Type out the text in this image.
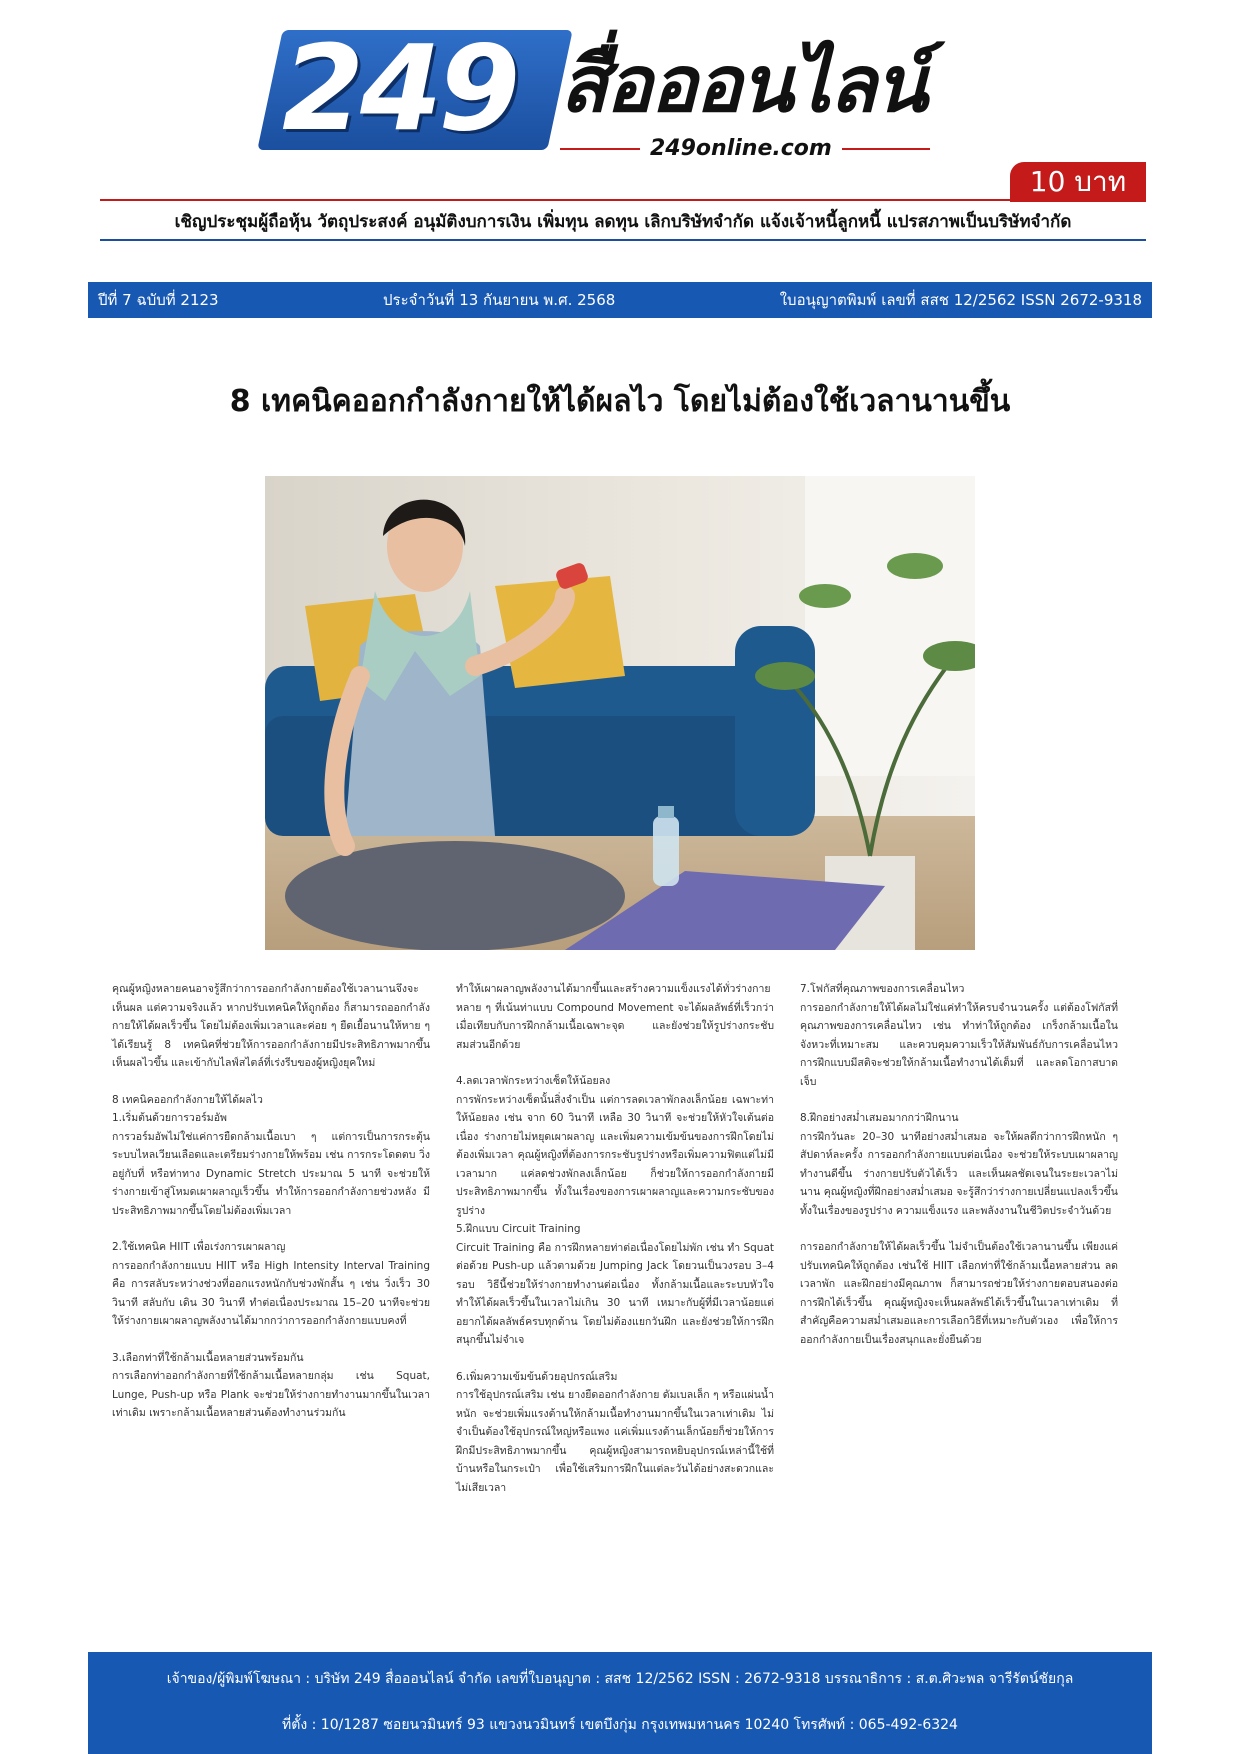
249 สื่อออนไลน์
249online.com
10 บาท
เชิญประชุมผู้ถือหุ้น วัตถุประสงค์ อนุมัติงบการเงิน เพิ่มทุน ลดทุน เลิกบริษัทจำกัด แจ้งเจ้าหนี้ลูกหนี้ แปรสภาพเป็นบริษัทจำกัด
ปีที่ 7 ฉบับที่ 2123	ประจำวันที่ 13 กันยายน พ.ศ. 2568	ใบอนุญาตพิมพ์ เลขที่ สสช 12/2562 ISSN 2672-9318
8 เทคนิคออกกำลังกายให้ได้ผลไว โดยไม่ต้องใช้เวลานานขึ้น

คุณผู้หญิงหลายคนอาจรู้สึกว่าการออกกำลังกายต้องใช้เวลานานจึงจะเห็นผล แต่ความจริงแล้ว หากปรับเทคนิคให้ถูกต้อง ก็สามารถออกกำลังกายให้ได้ผลเร็วขึ้น โดยไม่ต้องเพิ่มเวลาและค่อย ๆ ยืดเยื้อนานให้หาย ๆ ได้เรียนรู้ 8 เทคนิคที่ช่วยให้การออกกำลังกายมีประสิทธิภาพมากขึ้น เห็นผลไวขึ้น และเข้ากับไลฟ์สไตล์ที่เร่งรีบของผู้หญิงยุคใหม่

8 เทคนิคออกกำลังกายให้ได้ผลไว

1.เริ่มต้นด้วยการวอร์มอัพ

การวอร์มอัพไม่ใช่แค่การยืดกล้ามเนื้อเบา ๆ แต่การเป็นการกระตุ้นระบบไหลเวียนเลือดและเตรียมร่างกายให้พร้อม เช่น การกระโดดตบ วิ่งอยู่กับที่ หรือท่าทาง Dynamic Stretch ประมาณ 5 นาที จะช่วยให้ร่างกายเข้าสู่โหมดเผาผลาญเร็วขึ้น ทำให้การออกกำลังกายช่วงหลัง มีประสิทธิภาพมากขึ้นโดยไม่ต้องเพิ่มเวลา

2.ใช้เทคนิค HIIT เพื่อเร่งการเผาผลาญ

การออกกำลังกายแบบ HIIT หรือ High Intensity Interval Training คือ การสลับระหว่างช่วงที่ออกแรงหนักกับช่วงพักสั้น ๆ เช่น วิ่งเร็ว 30 วินาที สลับกับ เดิน 30 วินาที ทำต่อเนื่องประมาณ 15–20 นาทีจะช่วยให้ร่างกายเผาผลาญพลังงานได้มากกว่าการออกกำลังกายแบบคงที่

3.เลือกท่าที่ใช้กล้ามเนื้อหลายส่วนพร้อมกัน

การเลือกท่าออกกำลังกายที่ใช้กล้ามเนื้อหลายกลุ่ม เช่น Squat, Lunge, Push-up หรือ Plank จะช่วยให้ร่างกายทำงานมากขึ้นในเวลาเท่าเดิม เพราะกล้ามเนื้อหลายส่วนต้องทำงานร่วมกัน

ทำให้เผาผลาญพลังงานได้มากขึ้นและสร้างความแข็งแรงได้ทั่วร่างกาย หลาย ๆ ที่เน้นท่าแบบ Compound Movement จะได้ผลลัพธ์ที่เร็วกว่า เมื่อเทียบกับการฝึกกล้ามเนื้อเฉพาะจุด และยังช่วยให้รูปร่างกระชับสมส่วนอีกด้วย

4.ลดเวลาพักระหว่างเซ็ตให้น้อยลง

การพักระหว่างเซ็ตนั้นสิ่งจำเป็น แต่การลดเวลาพักลงเล็กน้อย เฉพาะท่าให้น้อยลง เช่น จาก 60 วินาที เหลือ 30 วินาที จะช่วยให้หัวใจเต้นต่อเนื่อง ร่างกายไม่หยุดเผาผลาญ และเพิ่มความเข้มข้นของการฝึกโดยไม่ต้องเพิ่มเวลา คุณผู้หญิงที่ต้องการกระชับรูปร่างหรือเพิ่มความฟิตแต่ไม่มีเวลามาก แค่ลดช่วงพักลงเล็กน้อย ก็ช่วยให้การออกกำลังกายมีประสิทธิภาพมากขึ้น ทั้งในเรื่องของการเผาผลาญและความกระชับของรูปร่าง

5.ฝึกแบบ Circuit Training

Circuit Training คือ การฝึกหลายท่าต่อเนื่องโดยไม่พัก เช่น ทำ Squat ต่อด้วย Push-up แล้วตามด้วย Jumping Jack โดยวนเป็นวงรอบ 3–4 รอบ วิธีนี้ช่วยให้ร่างกายทำงานต่อเนื่อง ทั้งกล้ามเนื้อและระบบหัวใจ ทำให้ได้ผลเร็วขึ้นในเวลาไม่เกิน 30 นาที เหมาะกับผู้ที่มีเวลาน้อยแต่อยากได้ผลลัพธ์ครบทุกด้าน โดยไม่ต้องแยกวันฝึก และยังช่วยให้การฝึกสนุกขึ้นไม่จำเจ

6.เพิ่มความเข้มข้นด้วยอุปกรณ์เสริม

การใช้อุปกรณ์เสริม เช่น ยางยืดออกกำลังกาย ดัมเบลเล็ก ๆ หรือแผ่นน้ำหนัก จะช่วยเพิ่มแรงต้านให้กล้ามเนื้อทำงานมากขึ้นในเวลาเท่าเดิม ไม่จำเป็นต้องใช้อุปกรณ์ใหญ่หรือแพง แค่เพิ่มแรงต้านเล็กน้อยก็ช่วยให้การฝึกมีประสิทธิภาพมากขึ้น คุณผู้หญิงสามารถหยิบอุปกรณ์เหล่านี้ใช้ที่บ้านหรือในกระเป๋า เพื่อใช้เสริมการฝึกในแต่ละวันได้อย่างสะดวกและไม่เสียเวลา

7.โฟกัสที่คุณภาพของการเคลื่อนไหว

การออกกำลังกายให้ได้ผลไม่ใช่แค่ทำให้ครบจำนวนครั้ง แต่ต้องโฟกัสที่คุณภาพของการเคลื่อนไหว เช่น ทำท่าให้ถูกต้อง เกร็งกล้ามเนื้อในจังหวะที่เหมาะสม และควบคุมความเร็วให้สัมพันธ์กับการเคลื่อนไหว การฝึกแบบมีสติจะช่วยให้กล้ามเนื้อทำงานได้เต็มที่ และลดโอกาสบาดเจ็บ

8.ฝึกอย่างสม่ำเสมอมากกว่าฝึกนาน

การฝึกวันละ 20–30 นาทีอย่างสม่ำเสมอ จะให้ผลดีกว่าการฝึกหนัก ๆ สัปดาห์ละครั้ง การออกกำลังกายแบบต่อเนื่อง จะช่วยให้ระบบเผาผลาญทำงานดีขึ้น ร่างกายปรับตัวได้เร็ว และเห็นผลชัดเจนในระยะเวลาไม่นาน คุณผู้หญิงที่ฝึกอย่างสม่ำเสมอ จะรู้สึกว่าร่างกายเปลี่ยนแปลงเร็วขึ้น ทั้งในเรื่องของรูปร่าง ความแข็งแรง และพลังงานในชีวิตประจำวันด้วย

การออกกำลังกายให้ได้ผลเร็วขึ้น ไม่จำเป็นต้องใช้เวลานานขึ้น เพียงแค่ปรับเทคนิคให้ถูกต้อง เช่นใช้ HIIT เลือกท่าที่ใช้กล้ามเนื้อหลายส่วน ลดเวลาพัก และฝึกอย่างมีคุณภาพ ก็สามารถช่วยให้ร่างกายตอบสนองต่อการฝึกได้เร็วขึ้น คุณผู้หญิงจะเห็นผลลัพธ์ได้เร็วขึ้นในเวลาเท่าเดิม ที่สำคัญคือความสม่ำเสมอและการเลือกวิธีที่เหมาะกับตัวเอง เพื่อให้การออกกำลังกายเป็นเรื่องสนุกและยั่งยืนด้วย

เจ้าของ/ผู้พิมพ์โฆษณา : บริษัท 249 สื่อออนไลน์ จำกัด เลขที่ใบอนุญาต : สสช 12/2562 ISSN : 2672-9318 บรรณาธิการ : ส.ต.ศิวะพล จารีรัตน์ชัยกุล
ที่ตั้ง : 10/1287 ซอยนวมินทร์ 93 แขวงนวมินทร์ เขตบึงกุ่ม กรุงเทพมหานคร 10240 โทรศัพท์ : 065-492-6324
